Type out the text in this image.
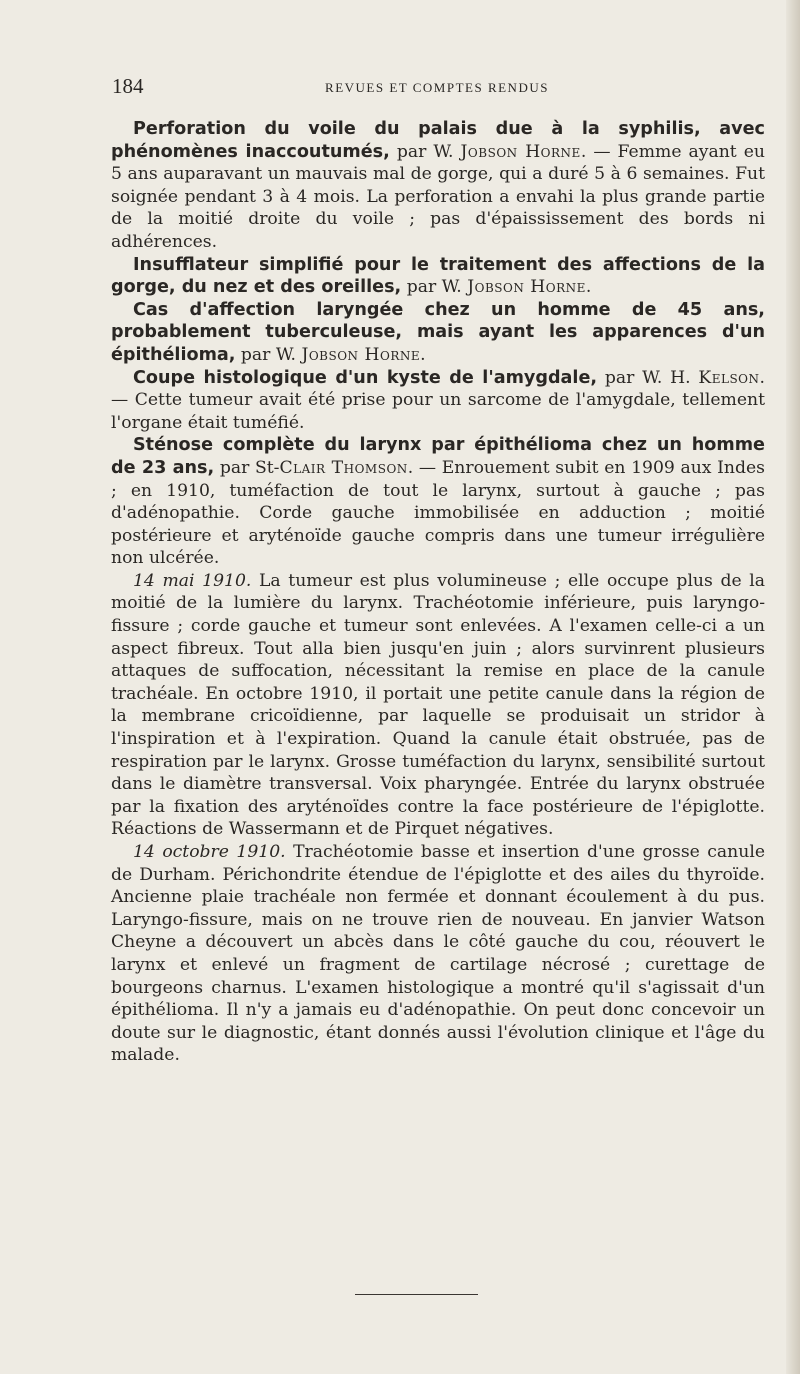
184	REVUES ET COMPTES RENDUS

Perforation du voile du palais due à la syphilis, avec phénomènes inaccoutumés, par W. Jobson Horne. — Femme ayant eu 5 ans auparavant un mauvais mal de gorge, qui a duré 5 à 6 semaines. Fut soignée pendant 3 à 4 mois. La perforation a envahi la plus grande partie de la moitié droite du voile ; pas d'épaississement des bords ni adhérences.

Insufflateur simplifié pour le traitement des affections de la gorge, du nez et des oreilles, par W. Jobson Horne.

Cas d'affection laryngée chez un homme de 45 ans, probablement tuberculeuse, mais ayant les apparences d'un épithélioma, par W. Jobson Horne.

Coupe histologique d'un kyste de l'amygdale, par W. H. Kelson. — Cette tumeur avait été prise pour un sarcome de l'amygdale, tellement l'organe était tuméfié.

Sténose complète du larynx par épithélioma chez un homme de 23 ans, par St-Clair Thomson. — Enrouement subit en 1909 aux Indes ; en 1910, tuméfaction de tout le larynx, surtout à gauche ; pas d'adénopathie. Corde gauche immobilisée en adduction ; moitié postérieure et aryténoïde gauche compris dans une tumeur irrégulière non ulcérée.

14 mai 1910. La tumeur est plus volumineuse ; elle occupe plus de la moitié de la lumière du larynx. Trachéotomie inférieure, puis laryngo-fissure ; corde gauche et tumeur sont enlevées. A l'examen celle-ci a un aspect fibreux. Tout alla bien jusqu'en juin ; alors survinrent plusieurs attaques de suffocation, nécessitant la remise en place de la canule trachéale. En octobre 1910, il portait une petite canule dans la région de la membrane cricoïdienne, par laquelle se produisait un stridor à l'inspiration et à l'expiration. Quand la canule était obstruée, pas de respiration par le larynx. Grosse tuméfaction du larynx, sensibilité surtout dans le diamètre transversal. Voix pharyngée. Entrée du larynx obstruée par la fixation des aryténoïdes contre la face postérieure de l'épiglotte. Réactions de Wassermann et de Pirquet négatives.

14 octobre 1910. Trachéotomie basse et insertion d'une grosse canule de Durham. Périchondrite étendue de l'épiglotte et des ailes du thyroïde. Ancienne plaie trachéale non fermée et donnant écoulement à du pus. Laryngo-fissure, mais on ne trouve rien de nouveau. En janvier Watson Cheyne a découvert un abcès dans le côté gauche du cou, réouvert le larynx et enlevé un fragment de cartilage nécrosé ; curettage de bourgeons charnus. L'examen histologique a montré qu'il s'agissait d'un épithélioma. Il n'y a jamais eu d'adénopathie. On peut donc concevoir un doute sur le diagnostic, étant donnés aussi l'évolution clinique et l'âge du malade.
